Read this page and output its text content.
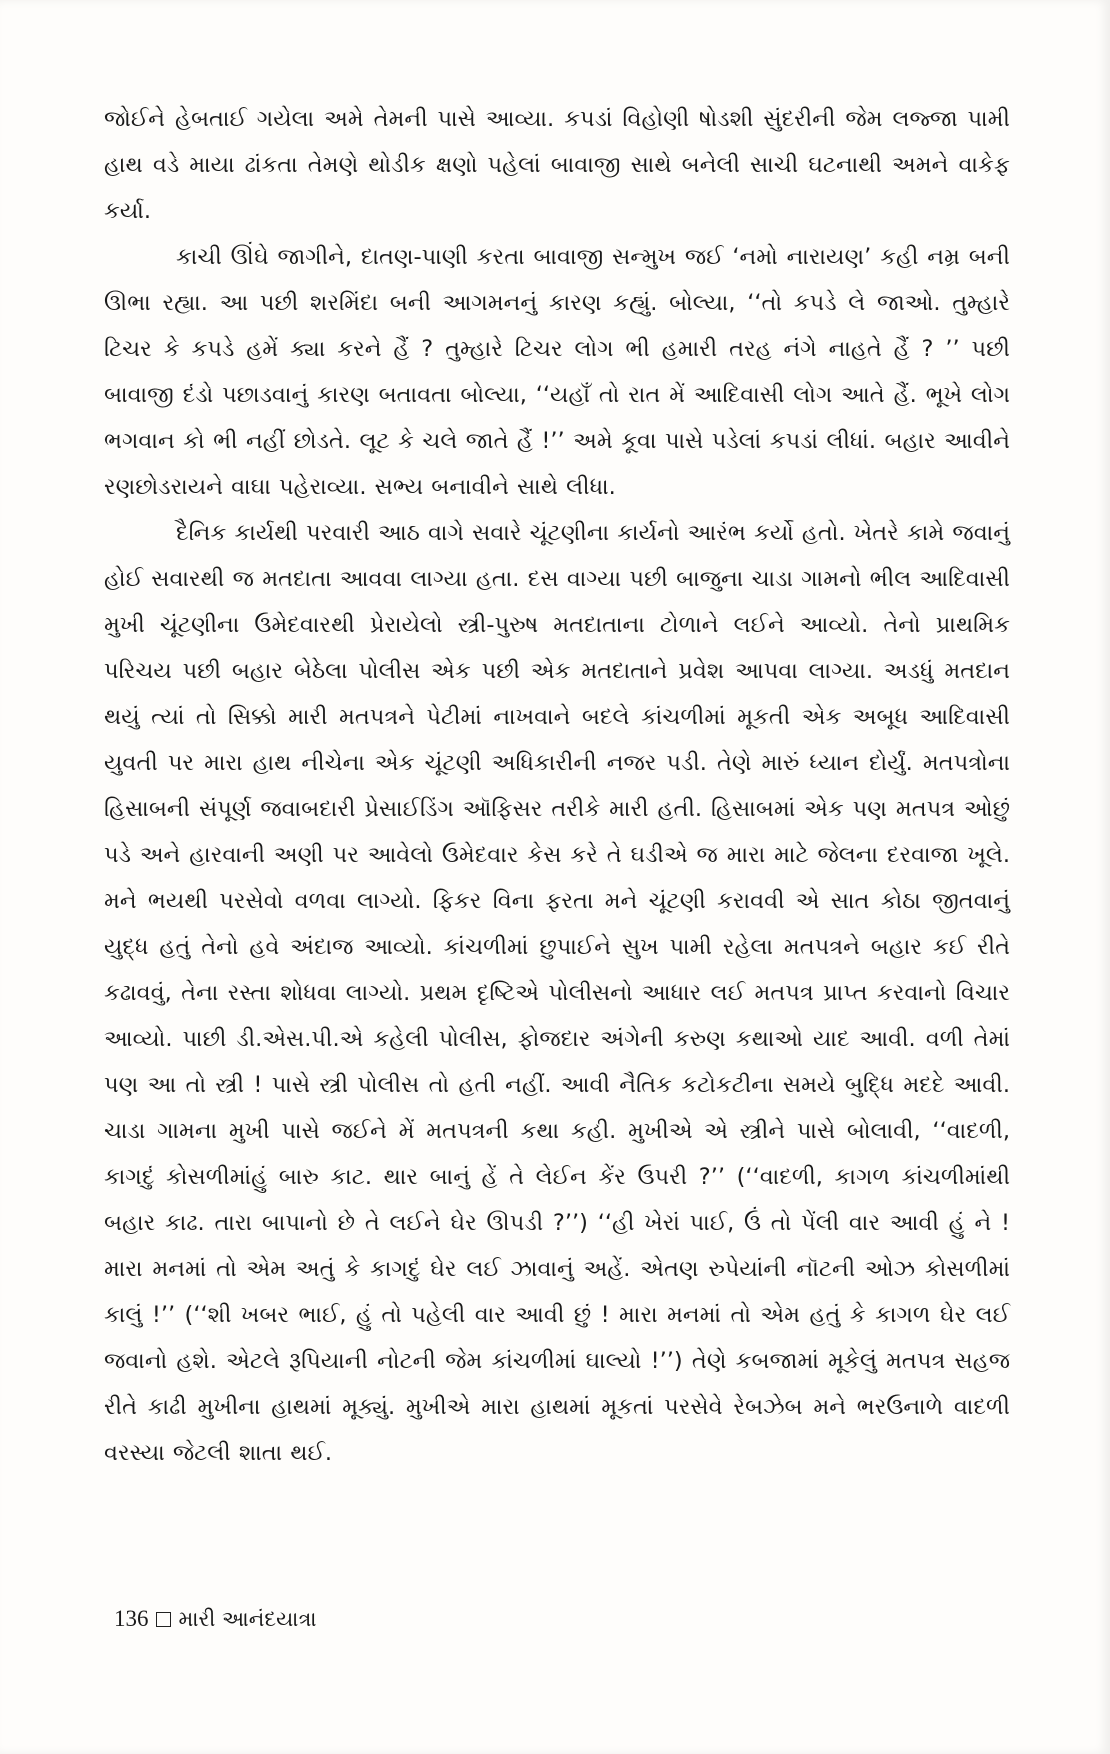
જોઈને હેબતાઈ ગયેલા અમે તેમની પાસે આવ્યા. કપડાં વિહોણી ષોડશી સુંદરીની જેમ લજ્જા પામી હાથ વડે માયા ઢાંકતા તેમણે થોડીક ક્ષણો પહેલાં બાવાજી સાથે બનેલી સાચી ઘટનાથી અમને વાકેફ કર્યા.

કાચી ઊંઘે જાગીને, દાતણ-પાણી કરતા બાવાજી સન્મુખ જઈ ‘નમો નારાયણ’ કહી નમ્ર બની ઊભા રહ્યા. આ પછી શરમિંદા બની આગમનનું કારણ કહ્યું. બોલ્યા, ‘‘તો કપડે લે જાઓ. તુમ્હારે ટિચર કે કપડે હમેં ક્યા કરને હૈં ? તુમ્હારે ટિચર લોગ ભી હમારી તરહ નંગે નાહતે હૈં ? ’’ પછી બાવાજી દંડો પછાડવાનું કારણ બતાવતા બોલ્યા, ‘‘યહાઁ તો રાત મેં આદિવાસી લોગ આતે હૈં. ભૂખે લોગ ભગવાન કો ભી નહીં છોડતે. લૂટ કે ચલે જાતે હૈં !’’ અમે કૂવા પાસે પડેલાં કપડાં લીધાં. બહાર આવીને રણછોડરાયને વાઘા પહેરાવ્યા. સભ્ય બનાવીને સાથે લીધા.

દૈનિક કાર્યથી પરવારી આઠ વાગે સવારે ચૂંટણીના કાર્યનો આરંભ કર્યો હતો. ખેતરે કામે જવાનું હોઈ સવારથી જ મતદાતા આવવા લાગ્યા હતા. દસ વાગ્યા પછી બાજુના ચાડા ગામનો ભીલ આદિવાસી મુખી ચૂંટણીના ઉમેદવારથી પ્રેરાયેલો સ્ત્રી-પુરુષ મતદાતાના ટોળાને લઈને આવ્યો. તેનો પ્રાથમિક પરિચય પછી બહાર બેઠેલા પોલીસ એક પછી એક મતદાતાને પ્રવેશ આપવા લાગ્યા. અડધું મતદાન થયું ત્યાં તો સિક્કો મારી મતપત્રને પેટીમાં નાખવાને બદલે કાંચળીમાં મૂકતી એક અબૂધ આદિવાસી યુવતી પર મારા હાથ નીચેના એક ચૂંટણી અધિકારીની નજર પડી. તેણે મારું ધ્યાન દોર્યું. મતપત્રોના હિસાબની સંપૂર્ણ જવાબદારી પ્રેસાઈડિંગ ઑફિસર તરીકે મારી હતી. હિસાબમાં એક પણ મતપત્ર ઓછું પડે અને હારવાની અણી પર આવેલો ઉમેદવાર કેસ કરે તે ઘડીએ જ મારા માટે જેલના દરવાજા ખૂલે. મને ભયથી પરસેવો વળવા લાગ્યો. ફિકર વિના ફરતા મને ચૂંટણી કરાવવી એ સાત કોઠા જીતવાનું યુદ્ધ હતું તેનો હવે અંદાજ આવ્યો. કાંચળીમાં છુપાઈને સુખ પામી રહેલા મતપત્રને બહાર કઈ રીતે કઢાવવું, તેના રસ્તા શોધવા લાગ્યો. પ્રથમ દૃષ્ટિએ પોલીસનો આધાર લઈ મતપત્ર પ્રાપ્ત કરવાનો વિચાર આવ્યો. પાછી ડી.એસ.પી.એ કહેલી પોલીસ, ફોજદાર અંગેની કરુણ કથાઓ યાદ આવી. વળી તેમાં પણ આ તો સ્ત્રી ! પાસે સ્ત્રી પોલીસ તો હતી નહીં. આવી નૈતિક કટોકટીના સમયે બુદ્ધિ મદદે આવી. ચાડા ગામના મુખી પાસે જઈને મેં મતપત્રની કથા કહી. મુખીએ એ સ્ત્રીને પાસે બોલાવી, ‘‘વાદળી, કાગદું કોસળીમાંહું બારુ કાટ. થાર બાનું હેં તે લેઈન કેંર ઉપરી ?’’ (‘‘વાદળી, કાગળ કાંચળીમાંથી બહાર કાઢ. તારા બાપાનો છે તે લઈને ઘેર ઊપડી ?’’) ‘‘હી ખેરાં પાઈ, ઉં તો પેંલી વાર આવી હું ને ! મારા મનમાં તો એમ અતું કે કાગદું ઘેર લઈ ઝાવાનું અહેં. એતણ રુપેયાંની નૉટની ઓઝ કોસળીમાં કાલું !’’ (‘‘શી ખબર ભાઈ, હું તો પહેલી વાર આવી છું ! મારા મનમાં તો એમ હતું કે કાગળ ઘેર લઈ જવાનો હશે. એટલે રૂપિયાની નોટની જેમ કાંચળીમાં ઘાલ્યો !’’) તેણે કબજામાં મૂકેલું મતપત્ર સહજ રીતે કાઢી મુખીના હાથમાં મૂક્યું. મુખીએ મારા હાથમાં મૂકતાં પરસેવે રેબઝેબ મને ભરઉનાળે વાદળી વરસ્યા જેટલી શાતા થઈ.

136 મારી આનંદયાત્રા
